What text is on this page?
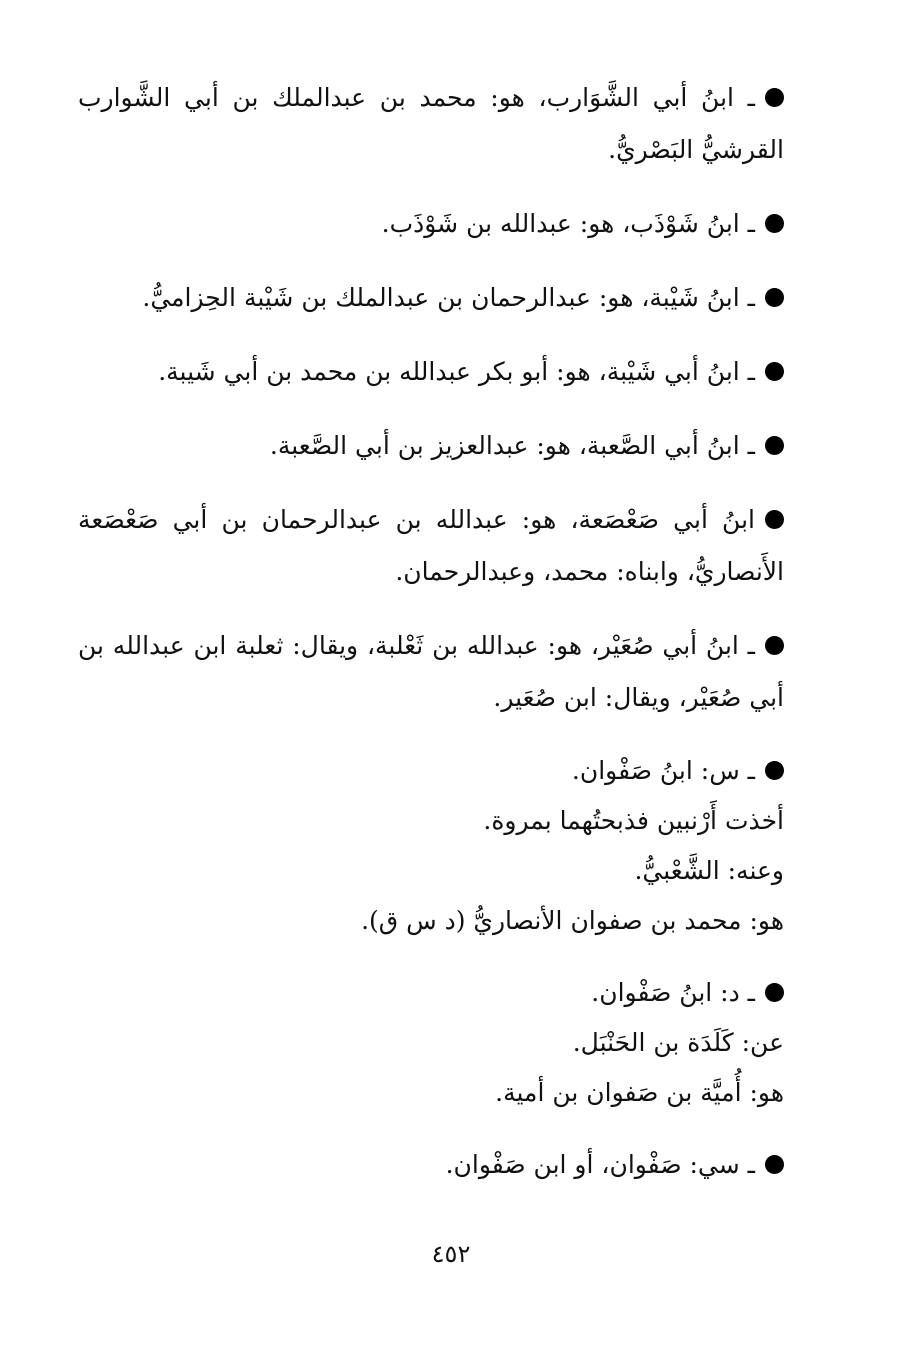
ـ ابنُ أبي الشَّوَارب، هو: محمد بن عبدالملك بن أبي الشَّوارب القرشيُّ البَصْريُّ.
ـ ابنُ شَوْذَب، هو: عبدالله بن شَوْذَب.
ـ ابنُ شَيْبة، هو: عبدالرحمان بن عبدالملك بن شَيْبة الحِزاميُّ.
ـ ابنُ أبي شَيْبة، هو: أبو بكر عبدالله بن محمد بن أبي شَيبة.
ـ ابنُ أبي الصَّعبة، هو: عبدالعزيز بن أبي الصَّعبة.
ابنُ أبي صَعْصَعة، هو: عبدالله بن عبدالرحمان بن أبي صَعْصَعة الأَنصاريُّ، وابناه: محمد، وعبدالرحمان.
ـ ابنُ أبي صُعَيْر، هو: عبدالله بن ثَعْلبة، ويقال: ثعلبة ابن عبدالله بن أبي صُعَيْر، ويقال: ابن صُعَير.
ـ س: ابنُ صَفْوان.
أخذت أَرْنبين فذبحتُهما بمروة.
وعنه: الشَّعْبيُّ.
هو: محمد بن صفوان الأنصاريُّ (د س ق).
ـ د: ابنُ صَفْوان.
عن: كَلَدَة بن الحَنْبَل.
هو: أُميَّة بن صَفوان بن أمية.
ـ سي: صَفْوان، أو ابن صَفْوان.
٤٥٢
